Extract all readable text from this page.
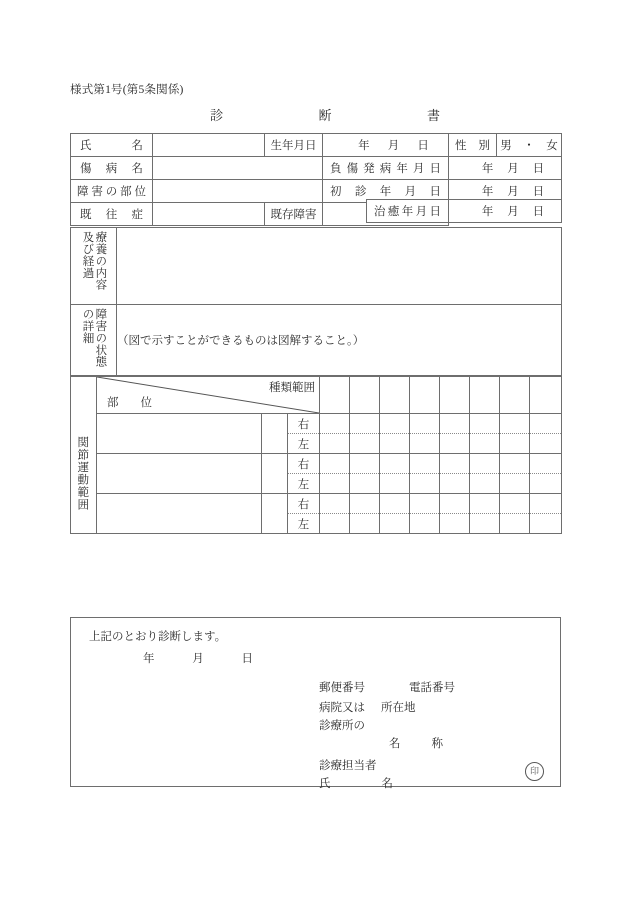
様式第1号(第5条関係)
診	断	書
氏 名		生年月日	年 月 日	性 別	男　・　女

傷 病 名		負 傷 発 病 年 月 日	年 月 日

障 害 の 部 位			初 診 年 月 日	年 月 日	

既 往 症		既存障害			治 癒 年 月 日	年 月 日
療養の内容
及び経過	

障害の状態
の詳細	（図で示すことができるものは図解すること。）

	種類範囲
部 位										

関節運動範囲			右								
			左								
			右								
			左								
			右								
			左								
上記のとおり診断します。
年	月	日
郵便番号	電話番号
病院又は	所在地
診療所の
名	称
診療担当者
氏	名
印
